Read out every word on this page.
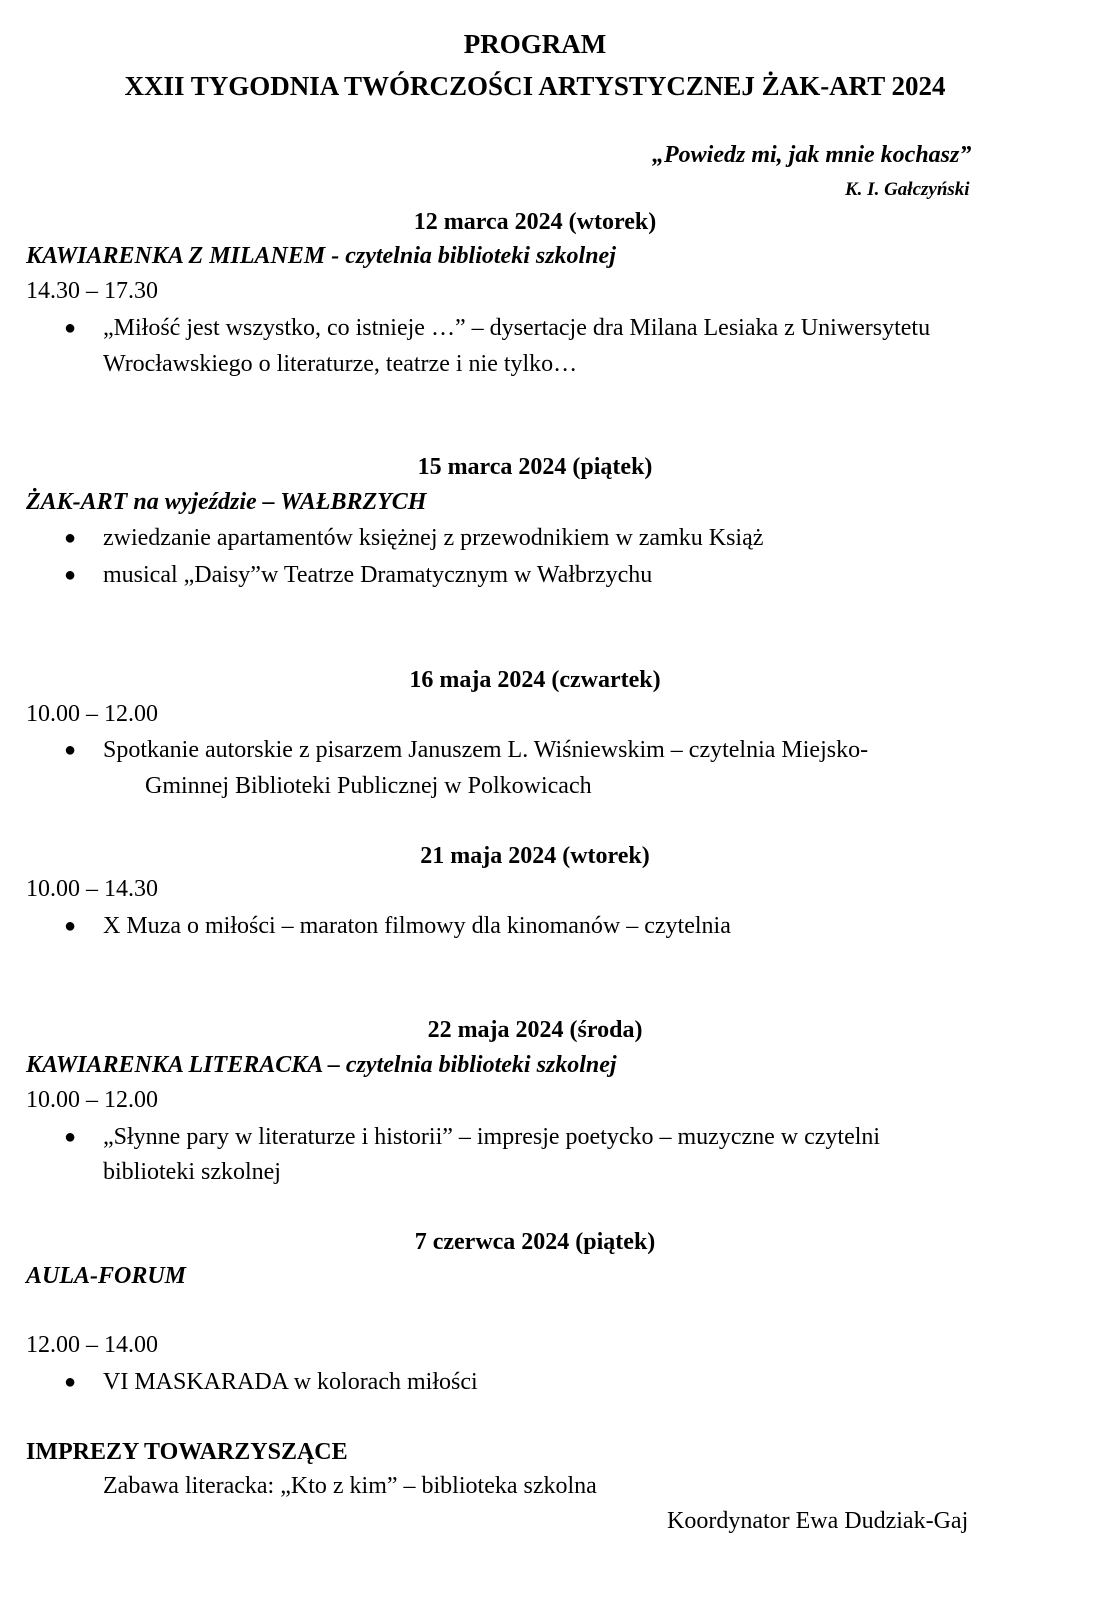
PROGRAM
XXII TYGODNIA TWÓRCZOŚCI ARTYSTYCZNEJ ŻAK-ART 2024
„Powiedz mi, jak mnie kochasz”
K. I. Gałczyński
12 marca 2024 (wtorek)
KAWIARENKA Z MILANEM - czytelnia biblioteki szkolnej
14.30 – 17.30
● „Miłość jest wszystko, co istnieje …” – dysertacje dra Milana Lesiaka z Uniwersytetu
Wrocławskiego o literaturze, teatrze i nie tylko…
15 marca 2024 (piątek)
ŻAK-ART na wyjeździe – WAŁBRZYCH
● zwiedzanie apartamentów księżnej z przewodnikiem w zamku Książ
● musical „Daisy”w Teatrze Dramatycznym w Wałbrzychu
16 maja 2024 (czwartek)
10.00 – 12.00
● Spotkanie autorskie z pisarzem Januszem L. Wiśniewskim – czytelnia Miejsko-
Gminnej Biblioteki Publicznej w Polkowicach
21 maja 2024 (wtorek)
10.00 – 14.30
● X Muza o miłości – maraton filmowy dla kinomanów – czytelnia
22 maja 2024 (środa)
KAWIARENKA LITERACKA – czytelnia biblioteki szkolnej
10.00 – 12.00
● „Słynne pary w literaturze i historii” – impresje poetycko – muzyczne w czytelni
biblioteki szkolnej
7 czerwca 2024 (piątek)
AULA-FORUM
12.00 – 14.00
● VI MASKARADA w kolorach miłości
IMPREZY TOWARZYSZĄCE
Zabawa literacka: „Kto z kim” – biblioteka szkolna
Koordynator Ewa Dudziak-Gaj
